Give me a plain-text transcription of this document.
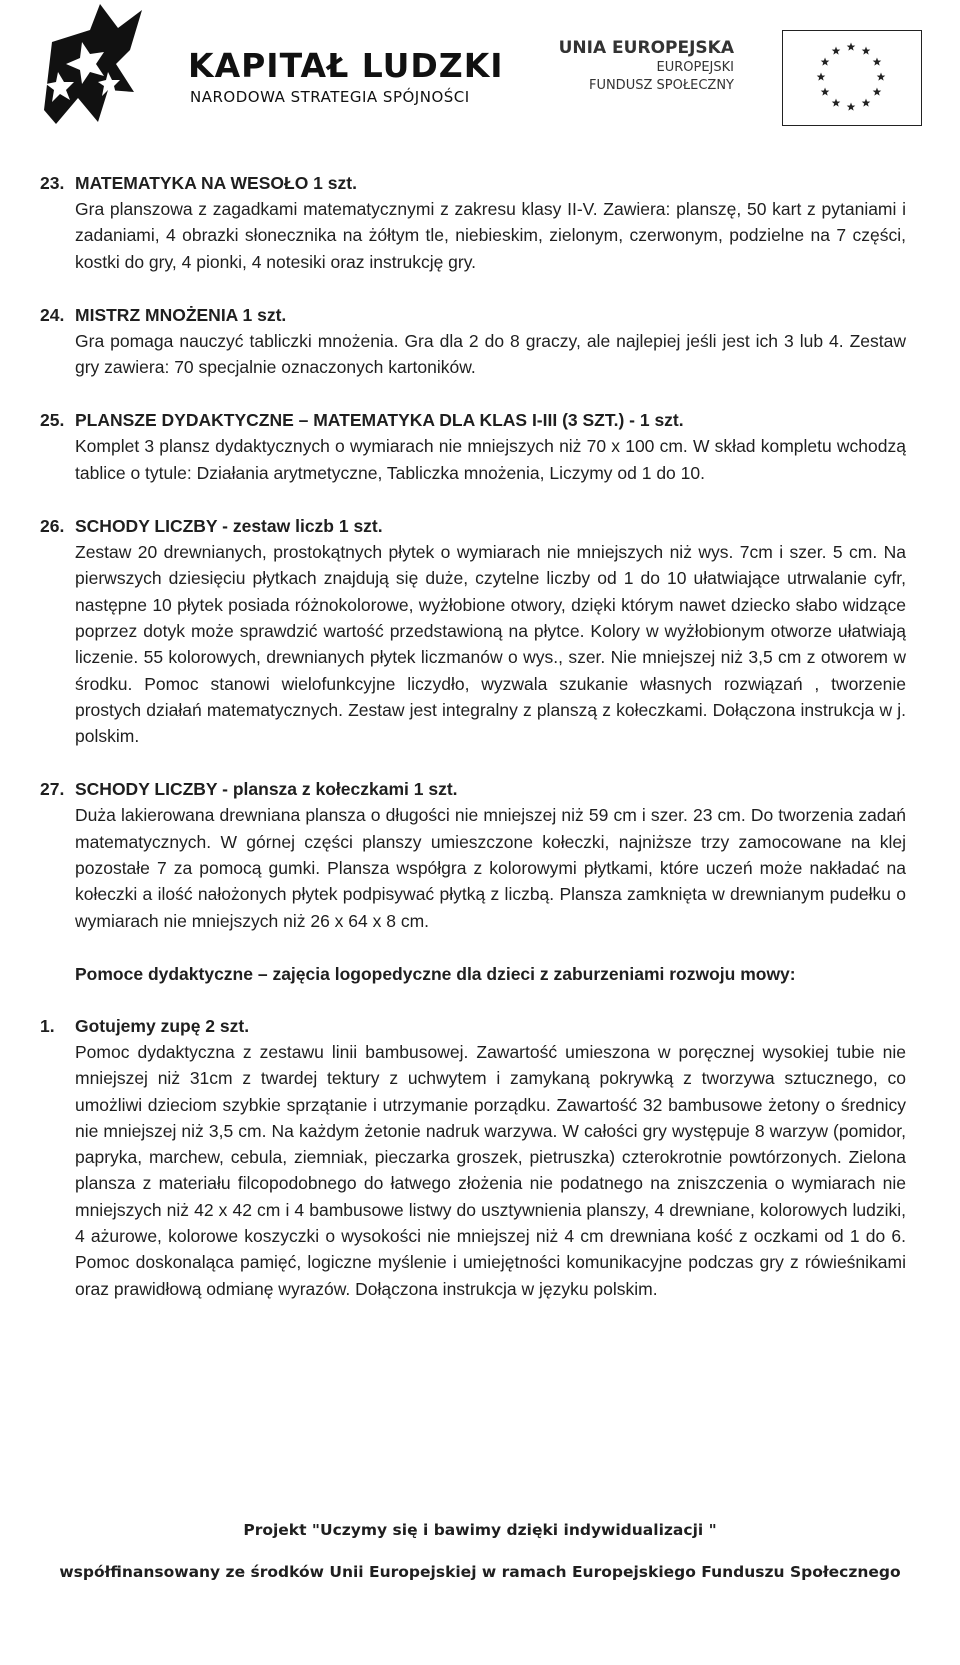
KAPITAŁ LUDZKI
NARODOWA STRATEGIA SPÓJNOŚCI
UNIA EUROPEJSKA
EUROPEJSKI
FUNDUSZ SPOŁECZNY
23. MATEMATYKA NA WESOŁO 1 szt.
Gra planszowa z zagadkami matematycznymi z zakresu klasy II-V. Zawiera: planszę, 50 kart z pytaniami i zadaniami, 4 obrazki słonecznika na żółtym tle, niebieskim, zielonym, czerwonym, podzielne na 7 części, kostki do gry, 4 pionki, 4 notesiki oraz instrukcję gry.
24. MISTRZ MNOŻENIA 1 szt.
Gra pomaga nauczyć tabliczki mnożenia. Gra dla 2 do 8 graczy, ale najlepiej jeśli jest ich 3 lub 4. Zestaw gry zawiera: 70 specjalnie oznaczonych kartoników.
25. PLANSZE DYDAKTYCZNE – MATEMATYKA DLA KLAS I-III (3 SZT.) - 1 szt.
Komplet 3 plansz dydaktycznych o wymiarach nie mniejszych niż 70 x 100 cm. W skład kompletu wchodzą tablice o tytule: Działania arytmetyczne, Tabliczka mnożenia, Liczymy od 1 do 10.
26. SCHODY LICZBY - zestaw liczb 1 szt.
Zestaw 20 drewnianych, prostokątnych płytek o wymiarach nie mniejszych niż wys. 7cm i szer. 5 cm. Na pierwszych dziesięciu płytkach znajdują się duże, czytelne liczby od 1 do 10 ułatwiające utrwalanie cyfr, następne 10 płytek posiada różnokolorowe, wyżłobione otwory, dzięki którym nawet dziecko słabo widzące poprzez dotyk może sprawdzić wartość przedstawioną na płytce. Kolory w wyżłobionym otworze ułatwiają liczenie. 55 kolorowych, drewnianych płytek liczmanów o wys., szer. Nie mniejszej niż 3,5 cm z otworem w środku. Pomoc stanowi wielofunkcyjne liczydło, wyzwala szukanie własnych rozwiązań , tworzenie prostych działań matematycznych. Zestaw jest integralny z planszą z kołeczkami. Dołączona instrukcja w j. polskim.
27. SCHODY LICZBY - plansza z kołeczkami 1 szt.
Duża lakierowana drewniana plansza o długości nie mniejszej niż 59 cm i szer. 23 cm. Do tworzenia zadań matematycznych. W górnej części planszy umieszczone kołeczki, najniższe trzy zamocowane na klej pozostałe 7 za pomocą gumki. Plansza współgra z kolorowymi płytkami, które uczeń może nakładać na kołeczki a ilość nałożonych płytek podpisywać płytką z liczbą. Plansza zamknięta w drewnianym pudełku o wymiarach nie mniejszych niż 26 x 64 x 8 cm.
Pomoce dydaktyczne – zajęcia logopedyczne dla dzieci z zaburzeniami rozwoju mowy:
1.	Gotujemy zupę 2 szt.
Pomoc dydaktyczna z zestawu linii bambusowej. Zawartość umieszona w poręcznej wysokiej tubie nie mniejszej niż 31cm z twardej tektury z uchwytem i zamykaną pokrywką z tworzywa sztucznego, co umożliwi dzieciom szybkie sprzątanie i utrzymanie porządku. Zawartość 32 bambusowe żetony o średnicy nie mniejszej niż 3,5 cm. Na każdym żetonie nadruk warzywa. W całości gry występuje 8 warzyw (pomidor, papryka, marchew, cebula, ziemniak, pieczarka groszek, pietruszka) czterokrotnie powtórzonych. Zielona plansza z materiału filcopodobnego do łatwego złożenia nie podatnego na zniszczenia o wymiarach nie mniejszych niż 42 x 42 cm i 4 bambusowe listwy do usztywnienia planszy, 4 drewniane, kolorowych ludziki, 4 ażurowe, kolorowe koszyczki o wysokości nie mniejszej niż 4 cm drewniana kość z oczkami od 1 do 6. Pomoc doskonaląca pamięć, logiczne myślenie i umiejętności komunikacyjne podczas gry z rówieśnikami oraz prawidłową odmianę wyrazów. Dołączona instrukcja w języku polskim.
Projekt "Uczymy się i bawimy dzięki indywidualizacji "
współfinansowany ze środków Unii Europejskiej w ramach Europejskiego Funduszu Społecznego
